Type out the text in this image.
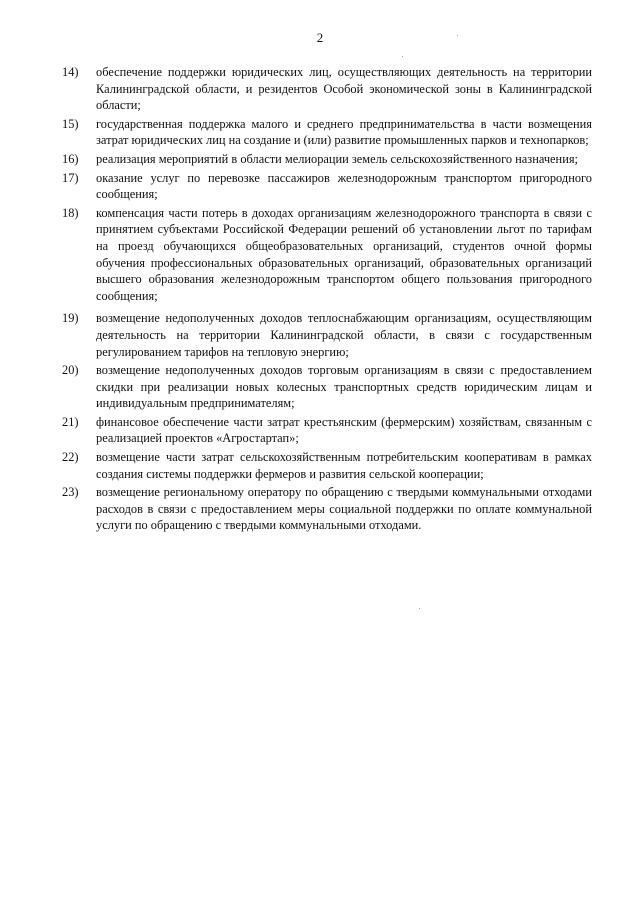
2
14)	обеспечение поддержки юридических лиц, осуществляющих деятельность на территории Калининградской области, и резидентов Особой экономической зоны в Калининградской области;
15)	государственная поддержка малого и среднего предпринимательства в части возмещения затрат юридических лиц на создание и (или) развитие промышленных парков и технопарков;
16)	реализация мероприятий в области мелиорации земель сельскохозяйственного назначения;
17)	оказание услуг по перевозке пассажиров железнодорожным транспортом пригородного сообщения;
18)	компенсация части потерь в доходах организациям железнодорожного транспорта в связи с принятием субъектами Российской Федерации решений об установлении льгот по тарифам на проезд обучающихся общеобразовательных организаций, студентов очной формы обучения профессиональных образовательных организаций, образовательных организаций высшего образования железнодорожным транспортом общего пользования пригородного сообщения;
19)	возмещение недополученных доходов теплоснабжающим организациям, осуществляющим деятельность на территории Калининградской области, в связи с государственным регулированием тарифов на тепловую энергию;
20)	возмещение недополученных доходов торговым организациям в связи с предоставлением скидки при реализации новых колесных транспортных средств юридическим лицам и индивидуальным предпринимателям;
21)	финансовое обеспечение части затрат крестьянским (фермерским) хозяйствам, связанным с реализацией проектов «Агростартап»;
22)	возмещение части затрат сельскохозяйственным потребительским кооперативам в рамках создания системы поддержки фермеров и развития сельской кооперации;
23)	возмещение региональному оператору по обращению с твердыми коммунальными отходами расходов в связи с предоставлением меры социальной поддержки по оплате коммунальной услуги по обращению с твердыми коммунальными отходами.
